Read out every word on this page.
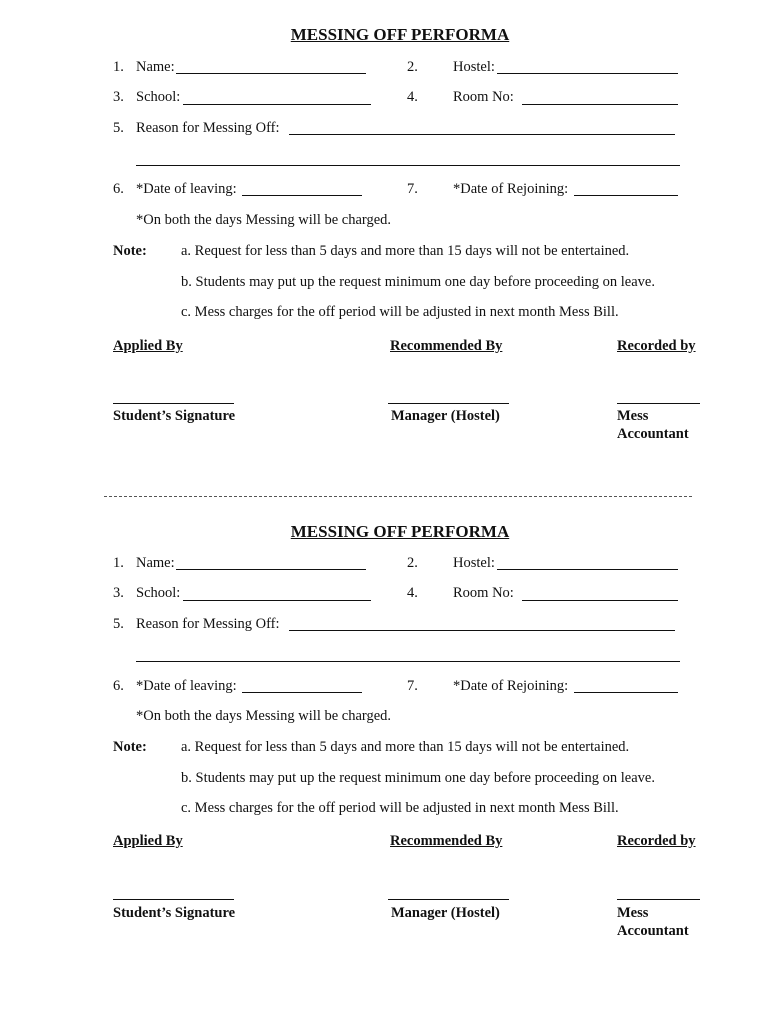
MESSING OFF PERFORMA
1. Name:	2. Hostel:
3. School:	4. Room No:
5. Reason for Messing Off:
6. *Date of leaving:	7. *Date of Rejoining:
*On both the days Messing will be charged.
Note: a. Request for less than 5 days and more than 15 days will not be entertained.
b. Students may put up the request minimum one day before proceeding on leave.
c. Mess charges for the off period will be adjusted in next month Mess Bill.
Applied By	Recommended By	Recorded by
Student’s Signature	Manager (Hostel)	Mess
Accountant
MESSING OFF PERFORMA
1. Name:	2. Hostel:
3. School:	4. Room No:
5. Reason for Messing Off:
6. *Date of leaving:	7. *Date of Rejoining:
*On both the days Messing will be charged.
Note: a. Request for less than 5 days and more than 15 days will not be entertained.
b. Students may put up the request minimum one day before proceeding on leave.
c. Mess charges for the off period will be adjusted in next month Mess Bill.
Applied By	Recommended By	Recorded by
Student’s Signature	Manager (Hostel)	Mess
Accountant
